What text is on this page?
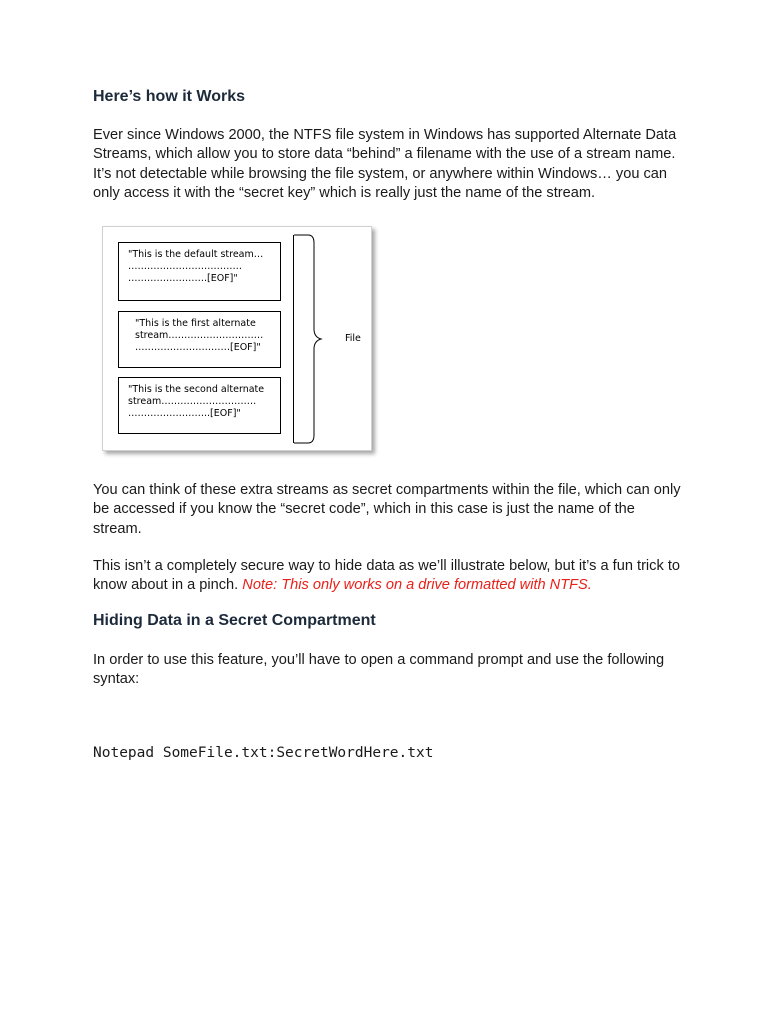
Here’s how it Works

Ever since Windows 2000, the NTFS file system in Windows has supported Alternate Data Streams, which allow you to store data “behind” a filename with the use of a stream name. It’s not detectable while browsing the file system, or anywhere within Windows… you can only access it with the “secret key” which is really just the name of the stream.

"This is the default stream…
………………………………
…………………….[EOF]"
"This is the first alternate
stream…………………………
…………………………[EOF]"
"This is the second alternate
stream…………………………
……………………..[EOF]"
File

You can think of these extra streams as secret compartments within the file, which can only be accessed if you know the “secret code”, which in this case is just the name of the stream.

This isn’t a completely secure way to hide data as we’ll illustrate below, but it’s a fun trick to know about in a pinch. Note: This only works on a drive formatted with NTFS.

Hiding Data in a Secret Compartment

In order to use this feature, you’ll have to open a command prompt and use the following syntax:

Notepad SomeFile.txt:SecretWordHere.txt
